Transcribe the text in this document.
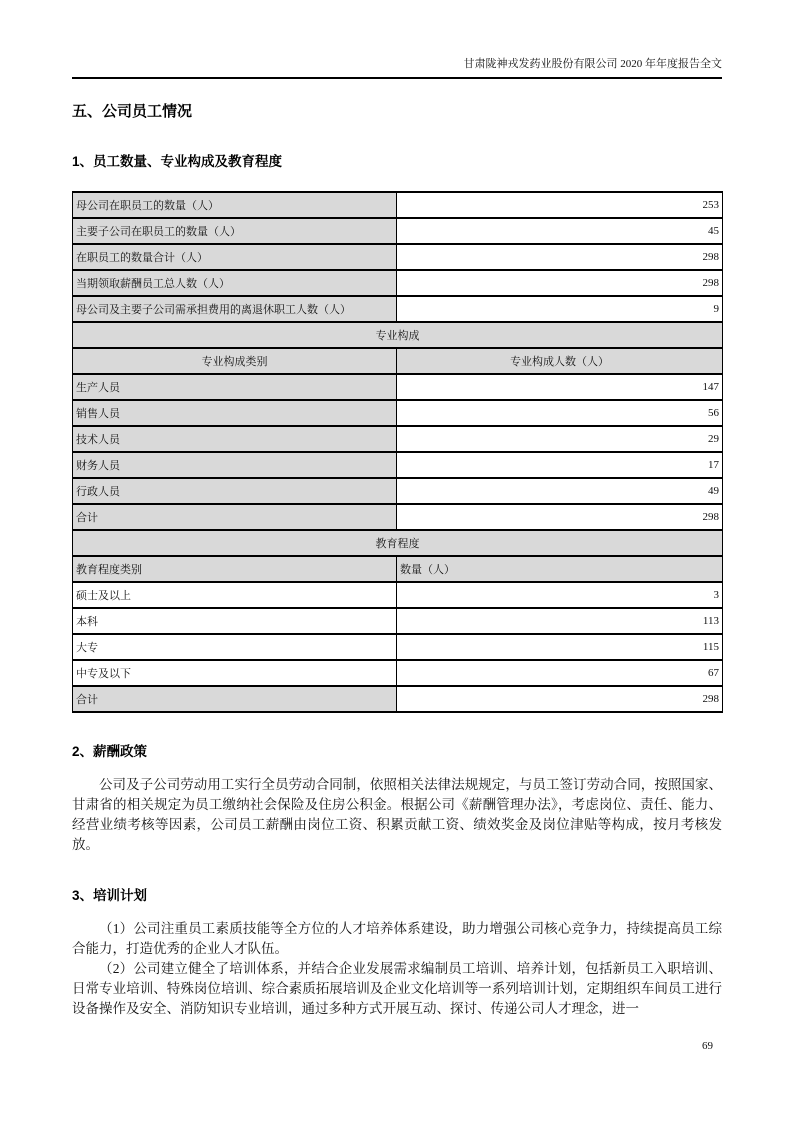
甘肃陇神戎发药业股份有限公司 2020 年年度报告全文
五、公司员工情况
1、员工数量、专业构成及教育程度
母公司在职员工的数量（人）	253
主要子公司在职员工的数量（人）	45
在职员工的数量合计（人）	298
当期领取薪酬员工总人数（人）	298
母公司及主要子公司需承担费用的离退休职工人数（人）	9
专业构成	
专业构成类别	专业构成人数（人）
生产人员	147
销售人员	56
技术人员	29
财务人员	17
行政人员	49
合计	298
教育程度	
教育程度类别	数量（人）
硕士及以上	3
本科	113
大专	115
中专及以下	67
合计	298
2、薪酬政策

公司及子公司劳动用工实行全员劳动合同制，依照相关法律法规规定，与员工签订劳动合同，按照国家、甘肃省的相关规定为员工缴纳社会保险及住房公积金。根据公司《薪酬管理办法》，考虑岗位、责任、能力、经营业绩考核等因素，公司员工薪酬由岗位工资、积累贡献工资、绩效奖金及岗位津贴等构成，按月考核发放。

3、培训计划

（1）公司注重员工素质技能等全方位的人才培养体系建设，助力增强公司核心竞争力，持续提高员工综合能力，打造优秀的企业人才队伍。

（2）公司建立健全了培训体系，并结合企业发展需求编制员工培训、培养计划，包括新员工入职培训、日常专业培训、特殊岗位培训、综合素质拓展培训及企业文化培训等一系列培训计划，定期组织车间员工进行设备操作及安全、消防知识专业培训，通过多种方式开展互动、探讨、传递公司人才理念，进一

69
